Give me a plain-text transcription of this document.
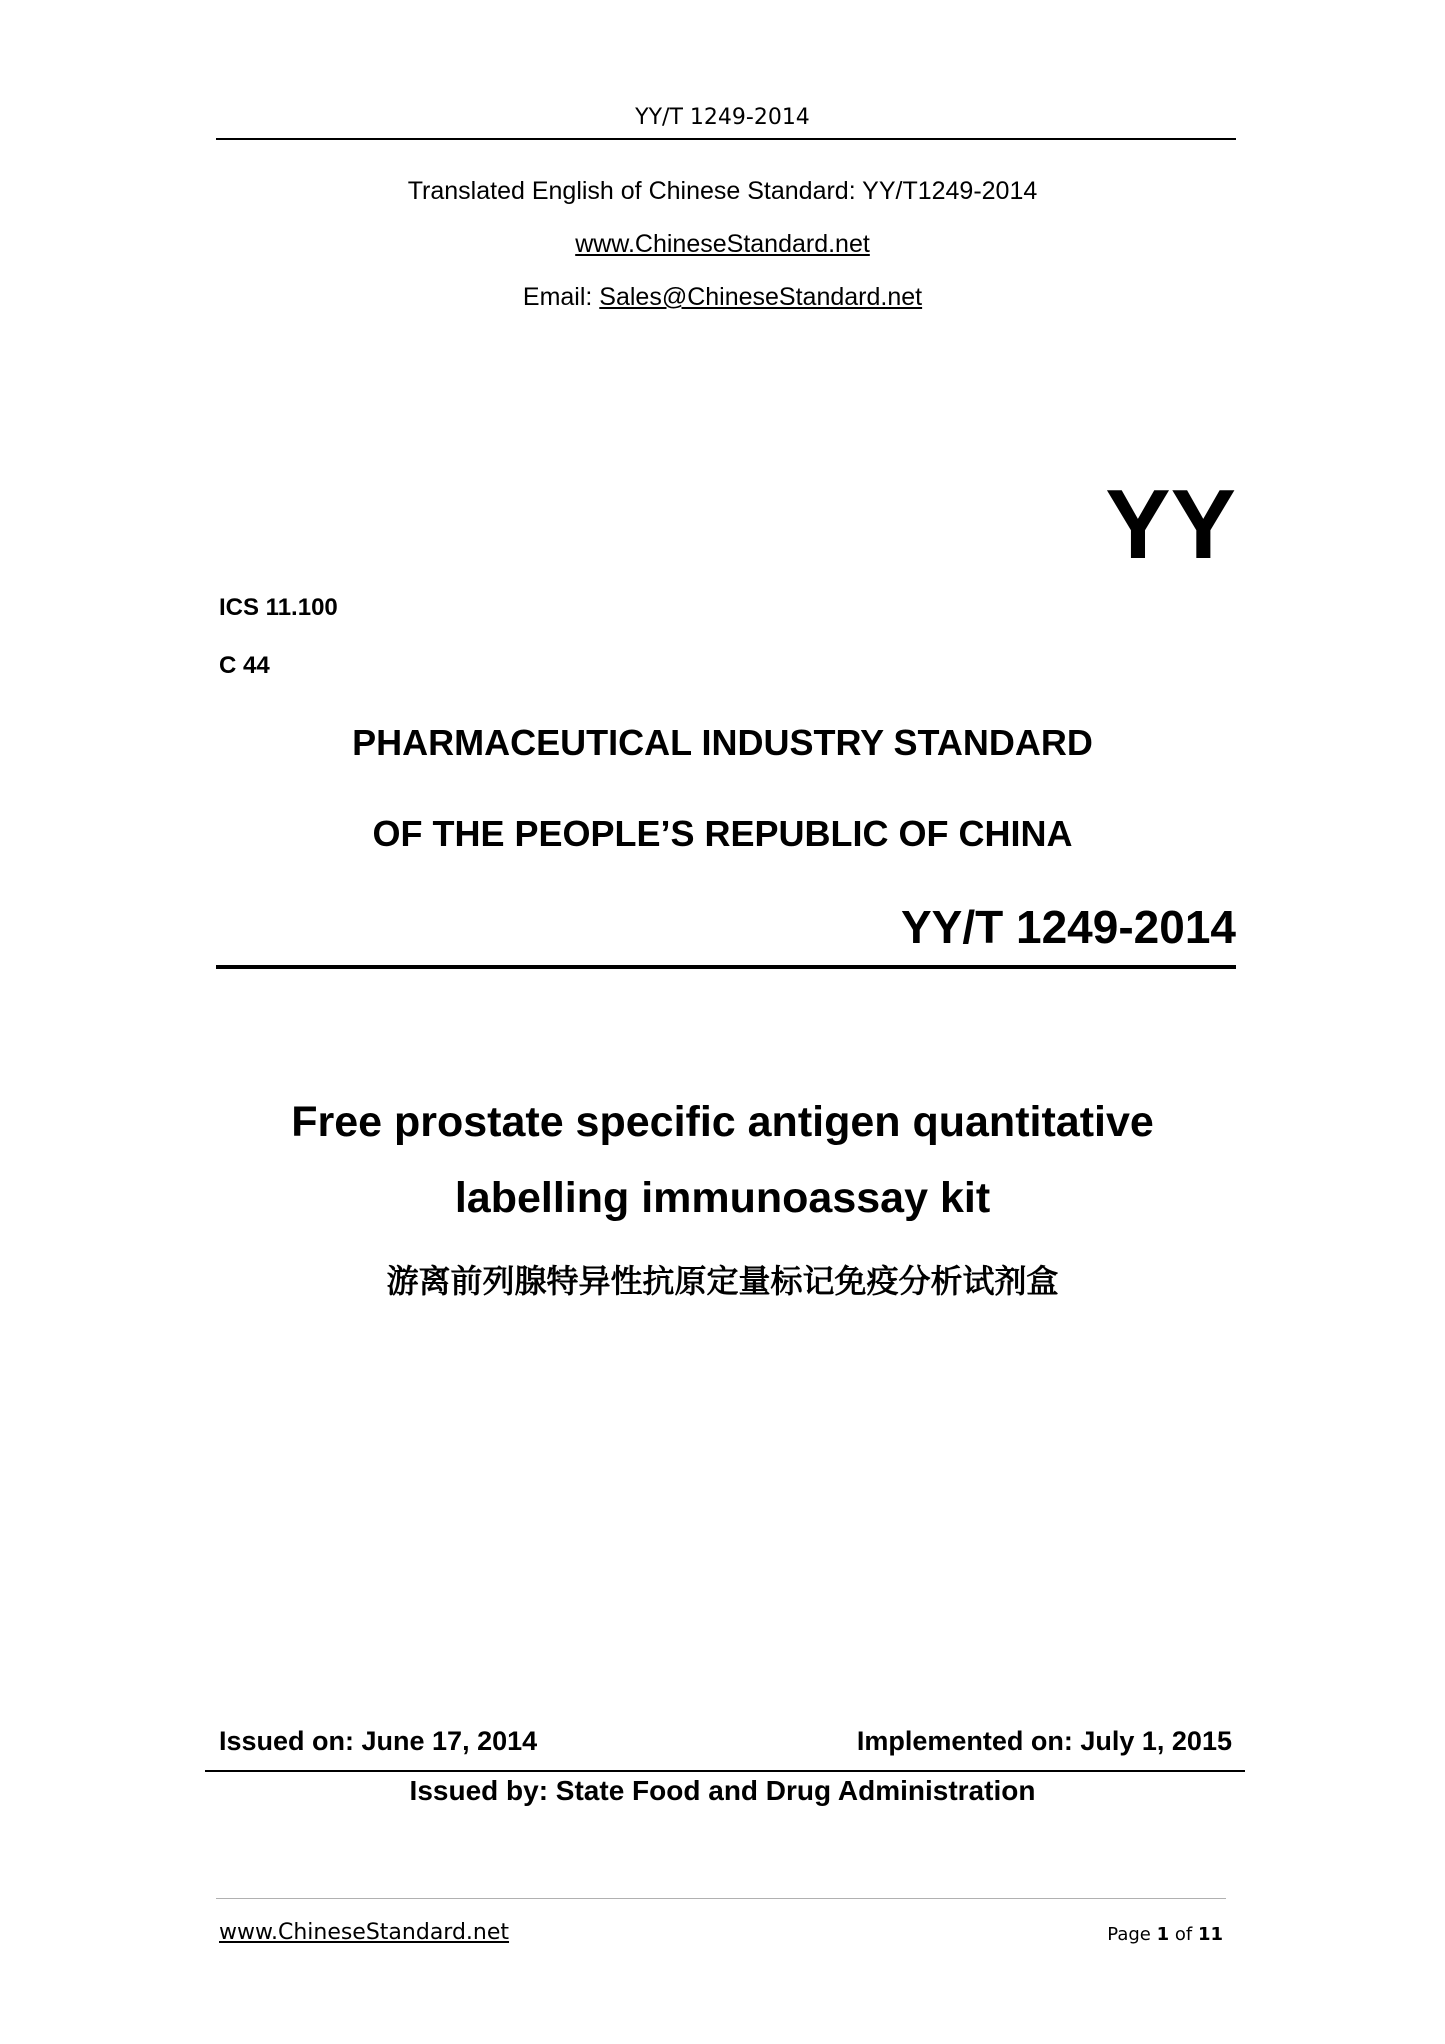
YY/T 1249-2014
Translated English of Chinese Standard: YY/T1249-2014
www.ChineseStandard.net
Email: Sales@ChineseStandard.net
YY
ICS 11.100
C 44
PHARMACEUTICAL INDUSTRY STANDARD
OF THE PEOPLE’S REPUBLIC OF CHINA
YY/T 1249-2014
Free prostate specific antigen quantitative
labelling immunoassay kit
游离前列腺特异性抗原定量标记免疫分析试剂盒
Issued on: June 17, 2014	Implemented on: July 1, 2015
Issued by: State Food and Drug Administration
www.ChineseStandard.net	Page 1 of 11
